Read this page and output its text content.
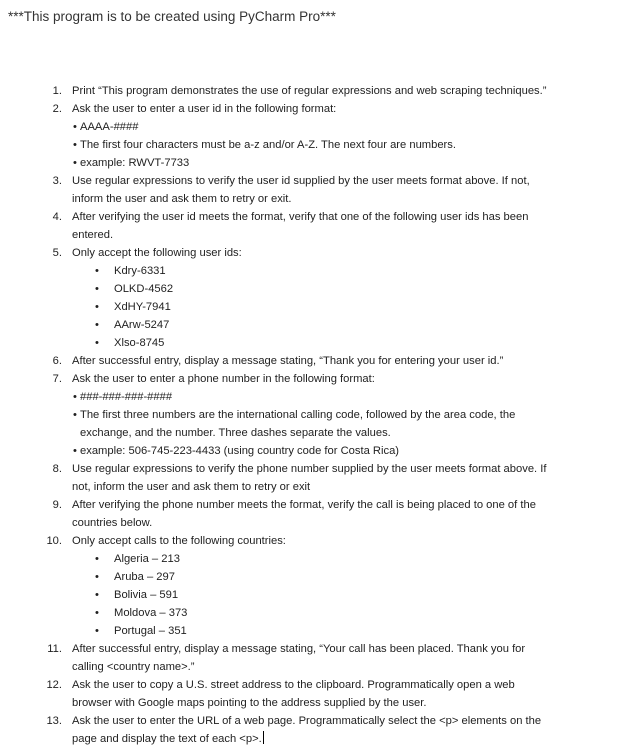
***This program is to be created using PyCharm Pro***
1. Print “This program demonstrates the use of regular expressions and web scraping techniques.”
2. Ask the user to enter a user id in the following format:
• AAAA-####
• The first four characters must be a-z and/or A-Z. The next four are numbers.
• example: RWVT-7733
3. Use regular expressions to verify the user id supplied by the user meets format above. If not,
inform the user and ask them to retry or exit.
4. After verifying the user id meets the format, verify that one of the following user ids has been
entered.
5. Only accept the following user ids:
• Kdry-6331
• OLKD-4562
• XdHY-7941
• AArw-5247
• Xlso-8745
6. After successful entry, display a message stating, “Thank you for entering your user id.”
7. Ask the user to enter a phone number in the following format:
• ###-###-###-####
• The first three numbers are the international calling code, followed by the area code, the
exchange, and the number. Three dashes separate the values.
• example: 506-745-223-4433 (using country code for Costa Rica)
8. Use regular expressions to verify the phone number supplied by the user meets format above. If
not, inform the user and ask them to retry or exit
9. After verifying the phone number meets the format, verify the call is being placed to one of the
countries below.
10. Only accept calls to the following countries:
• Algeria – 213
• Aruba – 297
• Bolivia – 591
• Moldova – 373
• Portugal – 351
11. After successful entry, display a message stating, “Your call has been placed. Thank you for
calling <country name>.”
12. Ask the user to copy a U.S. street address to the clipboard. Programmatically open a web
browser with Google maps pointing to the address supplied by the user.
13. Ask the user to enter the URL of a web page. Programmatically select the <p> elements on the
page and display the text of each <p>.
